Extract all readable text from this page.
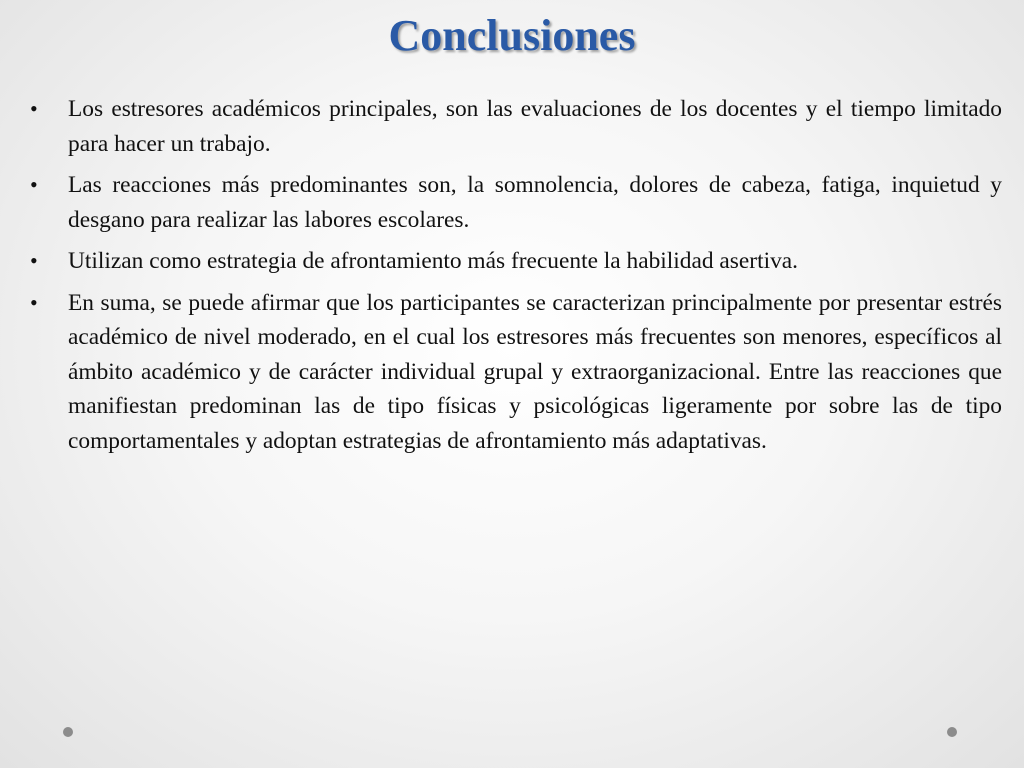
Conclusiones
•	Los estresores académicos principales, son las evaluaciones de los docentes y el tiempo limitado para hacer un trabajo.
•	Las reacciones más predominantes son, la somnolencia, dolores de cabeza, fatiga, inquietud y desgano para realizar las labores escolares.
•	Utilizan como estrategia de afrontamiento más frecuente la habilidad asertiva.
•	En suma, se puede afirmar que los participantes se caracterizan principalmente por presentar estrés académico de nivel moderado, en el cual los estresores más frecuentes son menores, específicos al ámbito académico y de carácter individual grupal y extraorganizacional. Entre las reacciones que manifiestan predominan las de tipo físicas y psicológicas ligeramente por sobre las de tipo comportamentales y adoptan estrategias de afrontamiento más adaptativas.
